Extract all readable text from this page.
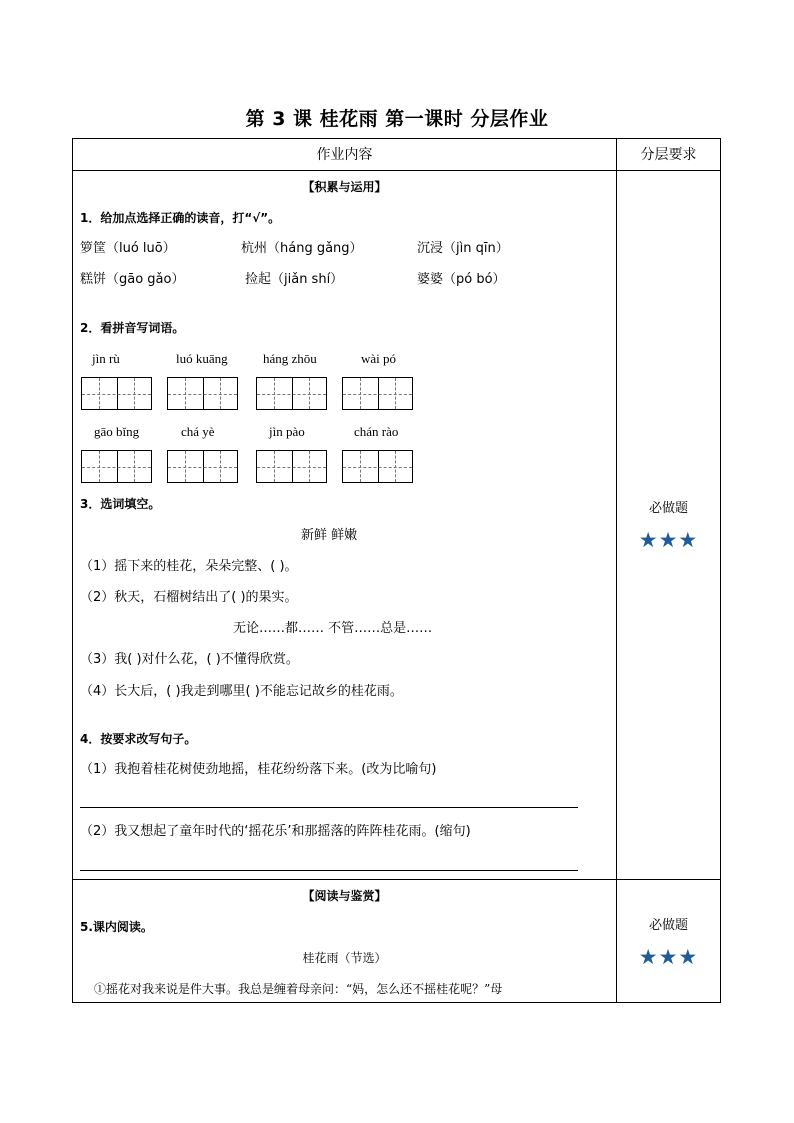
第 3 课 桂花雨 第一课时 分层作业
作业内容	分层要求
【积累与运用】
1．给加点选择正确的读音，打“√”。
箩筐（luó luō）	杭州（háng gǎng）	沉浸（jìn qīn）
糕饼（gāo gǎo）	捡起（jiǎn shí）	婆婆（pó bó）
2．看拼音写词语。
jìn rù	luó kuāng	háng zhōu	wài pó
gāo bǐng	chá yè	jìn pào	chán rào
3．选词填空。
新鲜 鲜嫩
（1）摇下来的桂花，朵朵完整、( )。
（2）秋天，石榴树结出了( )的果实。
无论……都…… 不管……总是……
（3）我( )对什么花，( )不懂得欣赏。
（4）长大后，( )我走到哪里( )不能忘记故乡的桂花雨。
4．按要求改写句子。
（1）我抱着桂花树使劲地摇，桂花纷纷落下来。(改为比喻句)
（2）我又想起了童年时代的‘摇花乐’和那摇落的阵阵桂花雨。(缩句)
必做题
★★★
【阅读与鉴赏】
5.课内阅读。
桂花雨（节选）
①摇花对我来说是件大事。我总是缠着母亲问：“妈，怎么还不摇桂花呢？”母
必做题
★★★
